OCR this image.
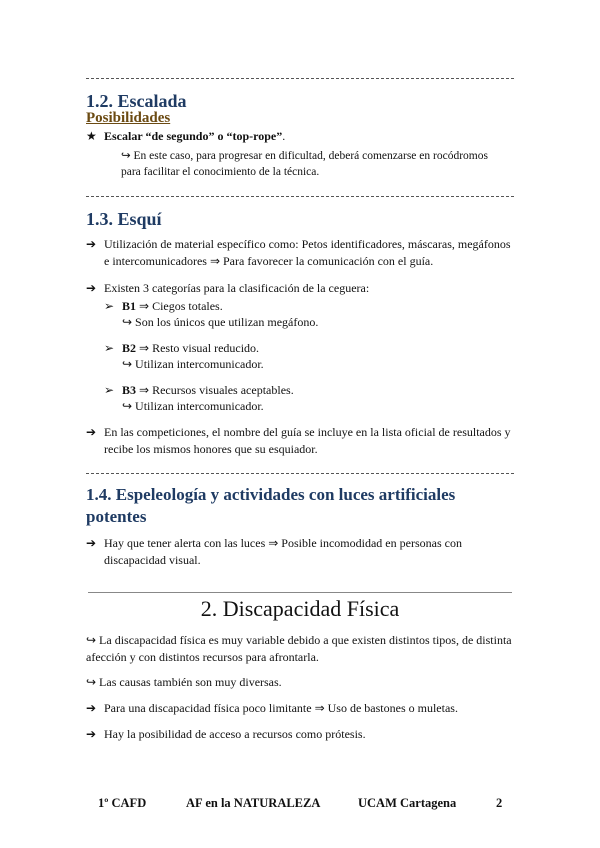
1.2. Escalada
Posibilidades
★ Escalar “de segundo” o “top-rope”.
↪ En este caso, para progresar en dificultad, deberá comenzarse en rocódromos
para facilitar el conocimiento de la técnica.
1.3. Esquí
➔ Utilización de material específico como: Petos identificadores, máscaras, megáfonos
e intercomunicadores ⇒ Para favorecer la comunicación con el guía.
➔ Existen 3 categorías para la clasificación de la ceguera:
➢ B1 ⇒ Ciegos totales.
↪ Son los únicos que utilizan megáfono.
➢ B2 ⇒ Resto visual reducido.
↪ Utilizan intercomunicador.
➢ B3 ⇒ Recursos visuales aceptables.
↪ Utilizan intercomunicador.
➔ En las competiciones, el nombre del guía se incluye en la lista oficial de resultados y
recibe los mismos honores que su esquiador.
1.4. Espeleología y actividades con luces artificiales
potentes
➔ Hay que tener alerta con las luces ⇒ Posible incomodidad en personas con
discapacidad visual.
2. Discapacidad Física
↪ La discapacidad física es muy variable debido a que existen distintos tipos, de distinta
afección y con distintos recursos para afrontarla.
↪ Las causas también son muy diversas.
➔ Para una discapacidad física poco limitante ⇒ Uso de bastones o muletas.
➔ Hay la posibilidad de acceso a recursos como prótesis.
1º CAFD	AF en la NATURALEZA	UCAM Cartagena	2
